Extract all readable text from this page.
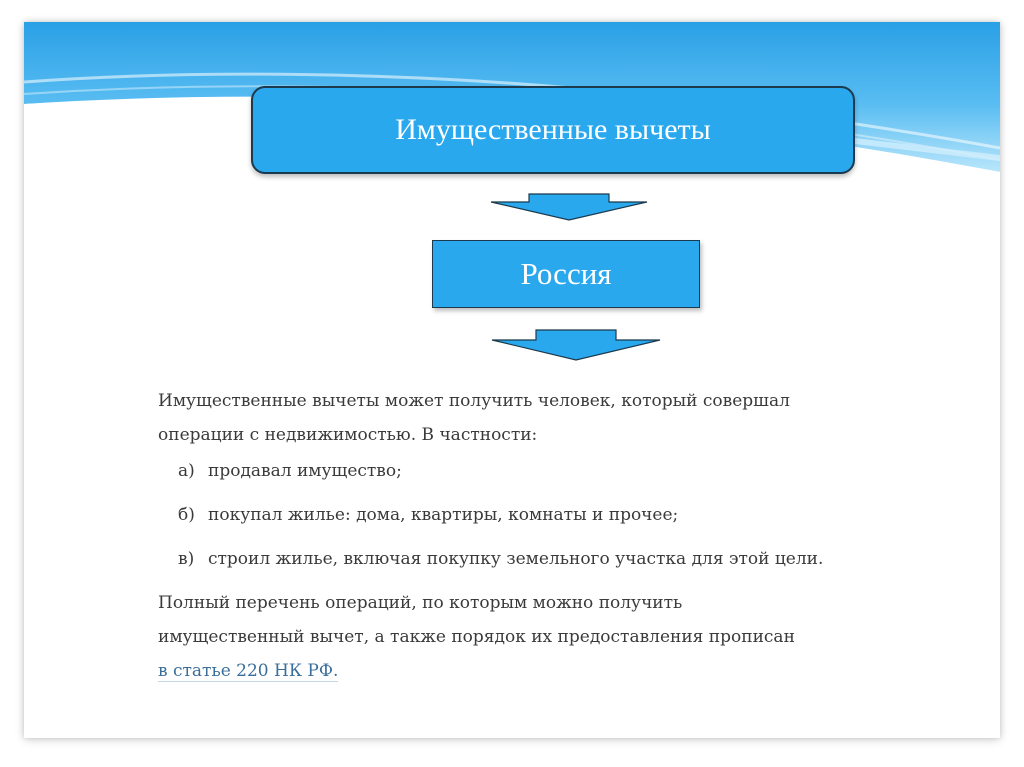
Имущественные вычеты
Россия

Имущественные вычеты может получить человек, который совершал
операции с недвижимостью. В частности:

а) продавал имущество;
б) покупал жилье: дома, квартиры, комнаты и прочее;
в) строил жилье, включая покупку земельного участка для этой цели.

Полный перечень операций, по которым можно получить
имущественный вычет, а также порядок их предоставления прописан
в статье 220 НК РФ.
